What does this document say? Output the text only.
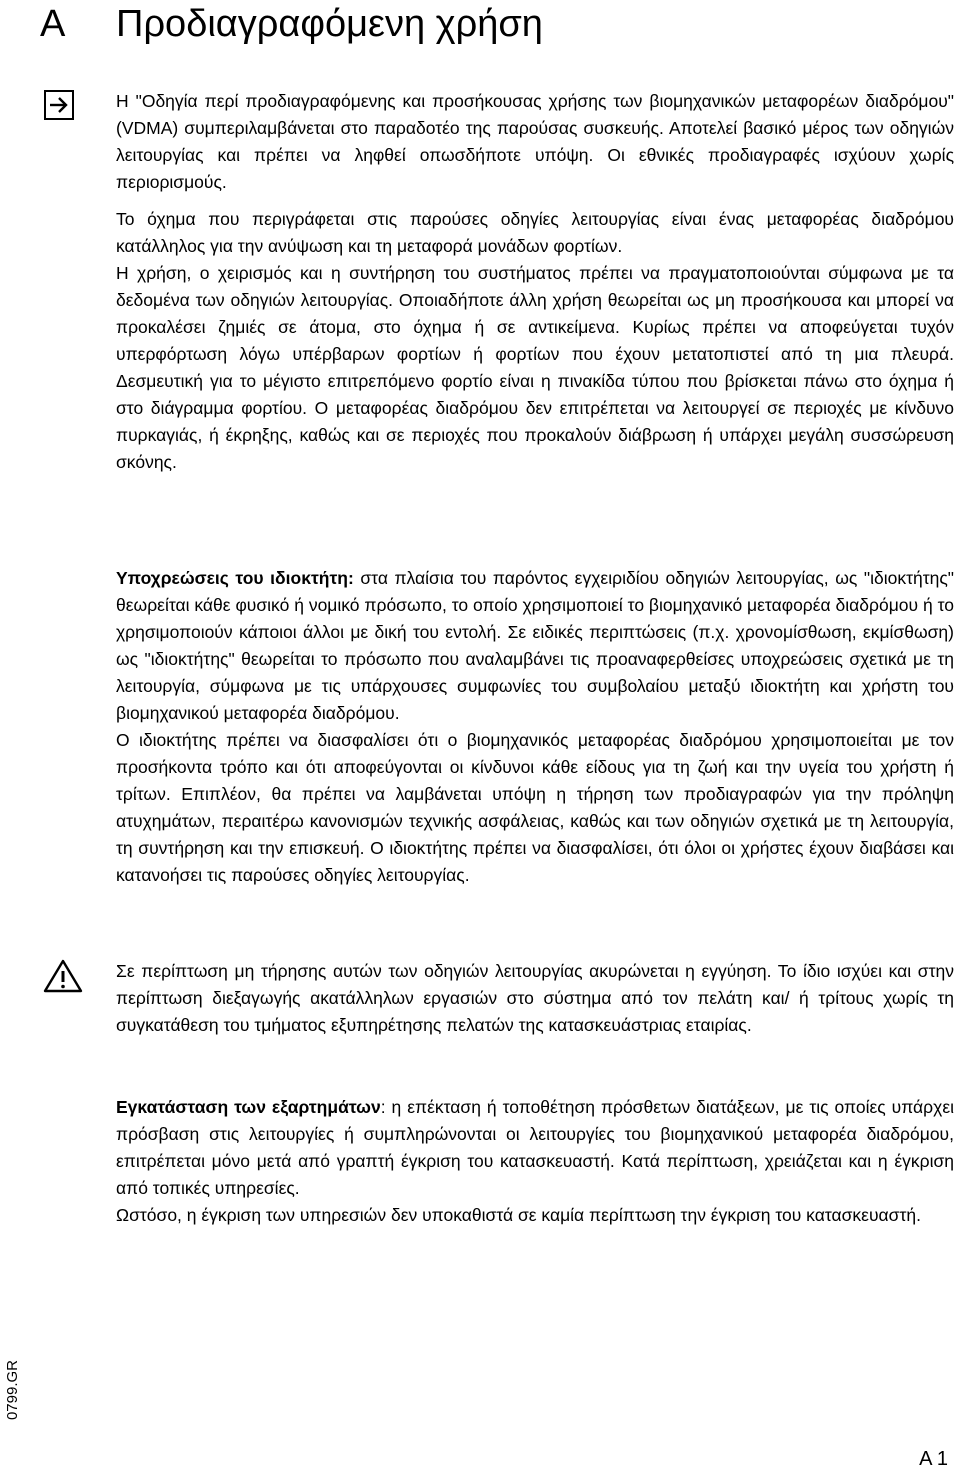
A Προδιαγραφόμενη χρήση

Η "Οδηγία περί προδιαγραφόμενης και προσήκουσας χρήσης των βιομηχανικών μεταφορέων διαδρόμου" (VDMA) συμπεριλαμβάνεται στο παραδοτέο της παρούσας συσκευής. Αποτελεί βασικό μέρος των οδηγιών λειτουργίας και πρέπει να ληφθεί οπωσδήποτε υπόψη. Οι εθνικές προδιαγραφές ισχύουν χωρίς περιορισμούς.

Το όχημα που περιγράφεται στις παρούσες οδηγίες λειτουργίας είναι ένας μεταφορέας διαδρόμου κατάλληλος για την ανύψωση και τη μεταφορά μονάδων φορτίων.

Η χρήση, ο χειρισμός και η συντήρηση του συστήματος πρέπει να πραγματοποιούνται σύμφωνα με τα δεδομένα των οδηγιών λειτουργίας. Οποιαδήποτε άλλη χρήση θεωρείται ως μη προσήκουσα και μπορεί να προκαλέσει ζημιές σε άτομα, στο όχημα ή σε αντικείμενα. Κυρίως πρέπει να αποφεύγεται τυχόν υπερφόρτωση λόγω υπέρβαρων φορτίων ή φορτίων που έχουν μετατοπιστεί από τη μια πλευρά. Δεσμευτική για το μέγιστο επιτρεπόμενο φορτίο είναι η πινακίδα τύπου που βρίσκεται πάνω στο όχημα ή στο διάγραμμα φορτίου. Ο μεταφορέας διαδρόμου δεν επιτρέπεται να λειτουργεί σε περιοχές με κίνδυνο πυρκαγιάς, ή έκρηξης, καθώς και σε περιοχές που προκαλούν διάβρωση ή υπάρχει μεγάλη συσσώρευση σκόνης.

Υποχρεώσεις του ιδιοκτήτη: στα πλαίσια του παρόντος εγχειριδίου οδηγιών λειτουργίας, ως "ιδιοκτήτης" θεωρείται κάθε φυσικό ή νομικό πρόσωπο, το οποίο χρησιμοποιεί το βιομηχανικό μεταφορέα διαδρόμου ή το χρησιμοποιούν κάποιοι άλλοι με δική του εντολή. Σε ειδικές περιπτώσεις (π.χ. χρονομίσθωση, εκμίσθωση) ως "ιδιοκτήτης" θεωρείται το πρόσωπο που αναλαμβάνει τις προαναφερθείσες υποχρεώσεις σχετικά με τη λειτουργία, σύμφωνα με τις υπάρχουσες συμφωνίες του συμβολαίου μεταξύ ιδιοκτήτη και χρήστη του βιομηχανικού μεταφορέα διαδρόμου.

Ο ιδιοκτήτης πρέπει να διασφαλίσει ότι ο βιομηχανικός μεταφορέας διαδρόμου χρησιμοποιείται με τον προσήκοντα τρόπο και ότι αποφεύγονται οι κίνδυνοι κάθε είδους για τη ζωή και την υγεία του χρήστη ή τρίτων. Επιπλέον, θα πρέπει να λαμβάνεται υπόψη η τήρηση των προδιαγραφών για την πρόληψη ατυχημάτων, περαιτέρω κανονισμών τεχνικής ασφάλειας, καθώς και των οδηγιών σχετικά με τη λειτουργία, τη συντήρηση και την επισκευή. Ο ιδιοκτήτης πρέπει να διασφαλίσει, ότι όλοι οι χρήστες έχουν διαβάσει και κατανοήσει τις παρούσες οδηγίες λειτουργίας.

Σε περίπτωση μη τήρησης αυτών των οδηγιών λειτουργίας ακυρώνεται η εγγύηση. Το ίδιο ισχύει και στην περίπτωση διεξαγωγής ακατάλληλων εργασιών στο σύστημα από τον πελάτη και/ ή τρίτους χωρίς τη συγκατάθεση του τμήματος εξυπηρέτησης πελατών της κατασκευάστριας εταιρίας.

Εγκατάσταση των εξαρτημάτων: η επέκταση ή τοποθέτηση πρόσθετων διατάξεων, με τις οποίες υπάρχει πρόσβαση στις λειτουργίες ή συμπληρώνονται οι λειτουργίες του βιομηχανικού μεταφορέα διαδρόμου, επιτρέπεται μόνο μετά από γραπτή έγκριση του κατασκευαστή. Κατά περίπτωση, χρειάζεται και η έγκριση από τοπικές υπηρεσίες.

Ωστόσο, η έγκριση των υπηρεσιών δεν υποκαθιστά σε καμία περίπτωση την έγκριση του κατασκευαστή.

0799.GR
A 1
